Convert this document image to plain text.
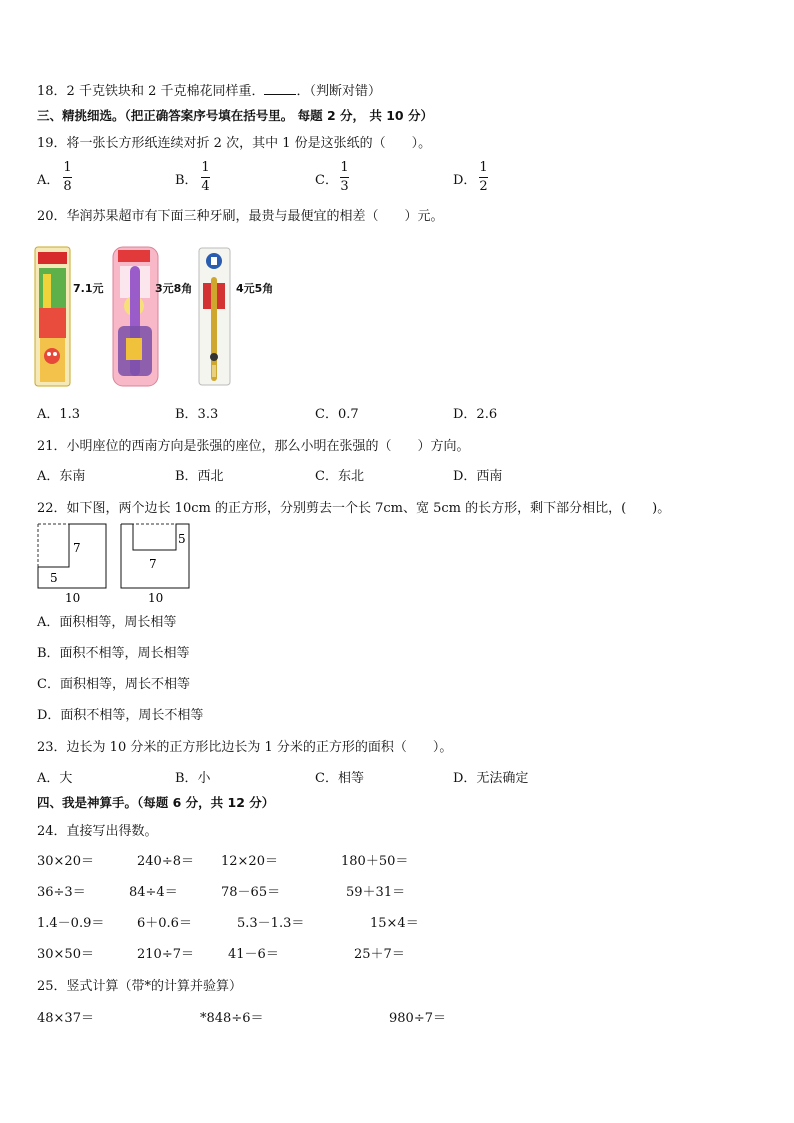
18．2 千克铁块和 2 千克棉花同样重． ．（判断对错）
三、精挑细选。（把正确答案序号填在括号里。 每题 2 分， 共 10 分）
19．将一张长方形纸连续对折 2 次，其中 1 份是这张纸的（　　）。
A．
1
8	B．
1
4	C．
1
3	D．
1
2
20．华润苏果超市有下面三种牙刷，最贵与最便宜的相差（　　）元。
7.1元	3元8角	4元5角
A．1.3	B．3.3	C．0.7	D．2.6
21．小明座位的西南方向是张强的座位，那么小明在张强的（　　）方向。
A．东南	B．西北	C．东北	D．西南
22．如下图，两个边长 10cm 的正方形，分别剪去一个长 7cm、宽 5cm 的长方形，剩下部分相比，(　　)。
7
5
10
5
7
10
A．面积相等，周长相等
B．面积不相等，周长相等
C．面积相等，周长不相等
D．面积不相等，周长不相等
23．边长为 10 分米的正方形比边长为 1 分米的正方形的面积（　　）。
A．大	B．小	C．相等	D．无法确定
四、我是神算手。（每题 6 分，共 12 分）
24．直接写出得数。
30×20＝	240÷8＝ 12×20＝	180＋50＝
36÷3＝	84÷4＝	78－65＝	59＋31＝
1.4－0.9＝	6＋0.6＝	5.3－1.3＝	15×4＝
30×50＝	210÷7＝	41－6＝	25＋7＝
25．竖式计算（带*的计算并验算）
48×37＝	*848÷6＝	980÷7＝
